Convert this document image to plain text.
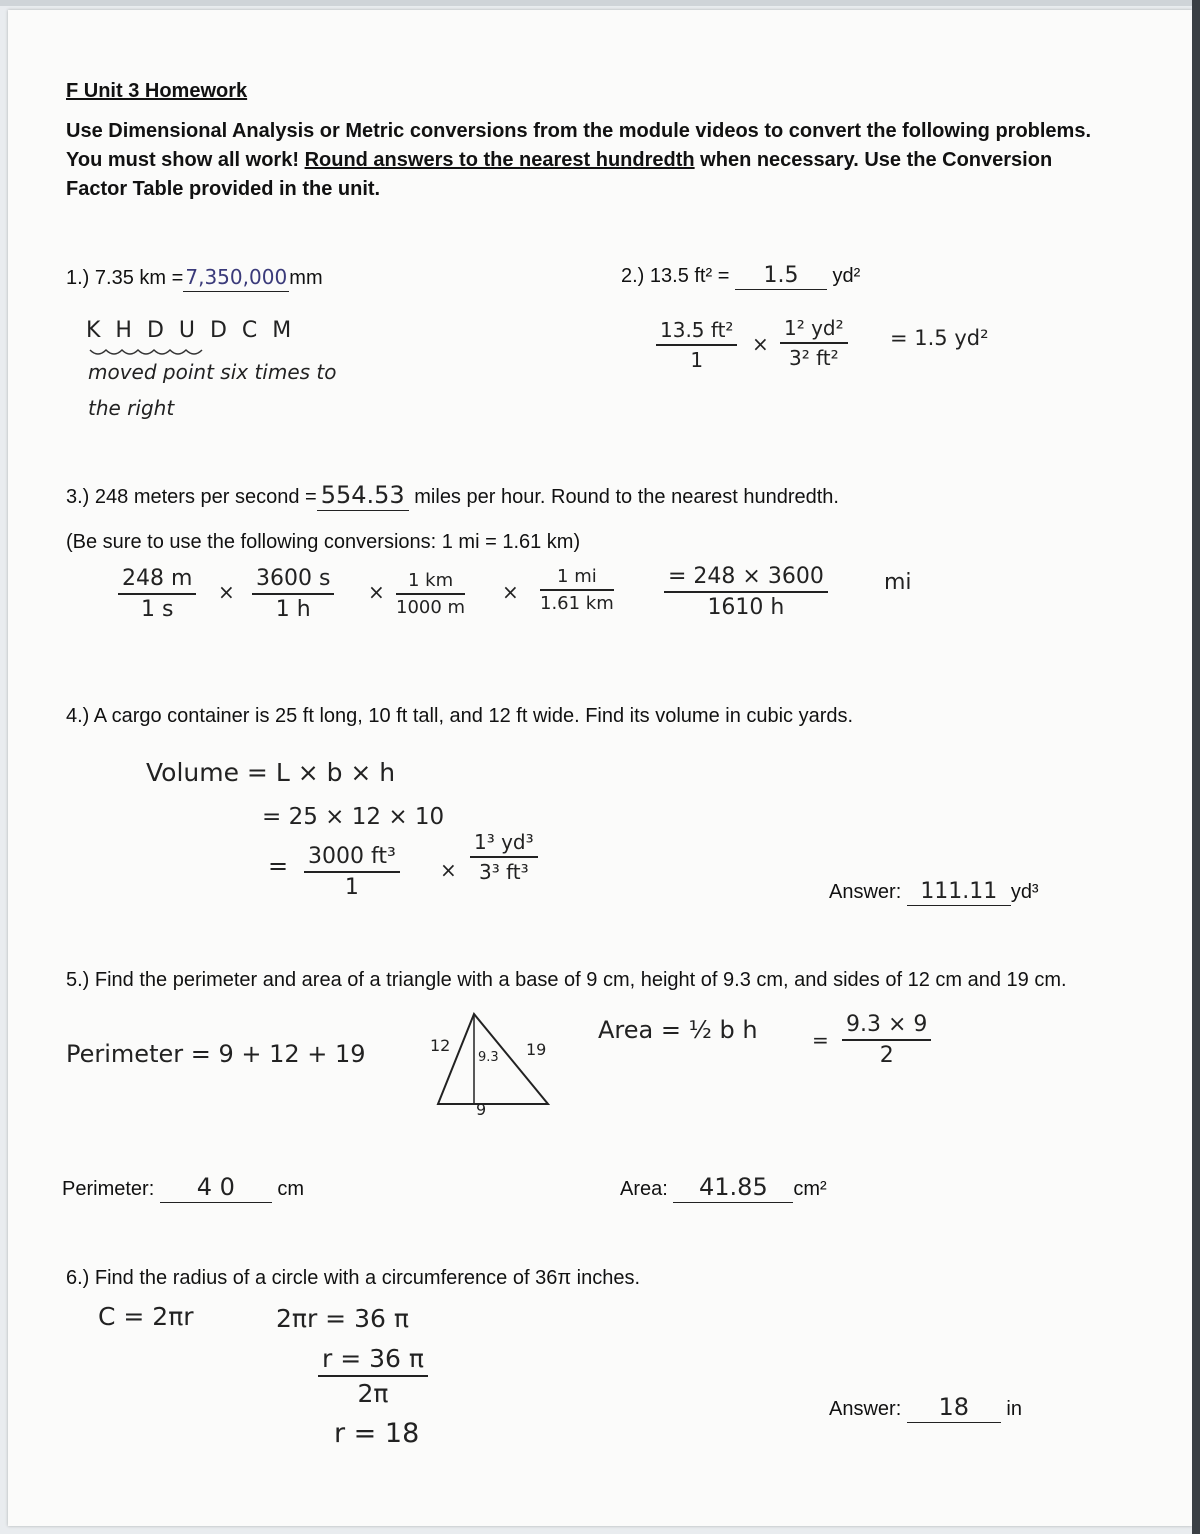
F Unit 3 Homework
Use Dimensional Analysis or Metric conversions from the module videos to convert the following problems. You must show all work! Round answers to the nearest hundredth when necessary. Use the Conversion Factor Table provided in the unit.
1.) 7.35 km = 7,350,000 mm
K H D U D C M
moved point six times to
the right
2.) 13.5 ft² = 1.5 yd²
$\frac{\text{13.5 ft²}}{1} \times \frac{\text{1² yd²}}{\text{3² ft²}} = 1.5$ yd²
3.) 248 meters per second = 554.53 miles per hour. Round to the nearest hundredth.
(Be sure to use the following conversions: 1 mi = 1.61 km)
$\frac{248 m}{1 s} \times \frac{3600 s}{1 h} \times \frac{1 km}{1000 m} \times \frac{1 mi}{1.61 km} \frac{= 248 \times 3600}{1610 h}$	mi
4.) A cargo container is 25 ft long, 10 ft tall, and 12 ft wide. Find its volume in cubic yards.
Volume = L × b × h
= 25 × 12 × 10
= $\frac{\text{3000 ft³}}{1} \times \frac{\text{1³ yd³}}{\text{3³ ft³}}$
Answer: 111.11 yd³
5.) Find the perimeter and area of a triangle with a base of 9 cm, height of 9.3 cm, and sides of 12 cm and 19 cm.
Perimeter = 9 + 12 + 19	12	19
9.3
9
Area = ½ b h	= $\frac{9.3 \times 9}{2}$
Perimeter: 4 0 cm	Area: 41.85 cm²
6.) Find the radius of a circle with a circumference of 36π inches.
C = 2πr	2πr = 36 π
$\frac{r = 36 \pi}{2\pi}$
r = 18
Answer: 18 in
